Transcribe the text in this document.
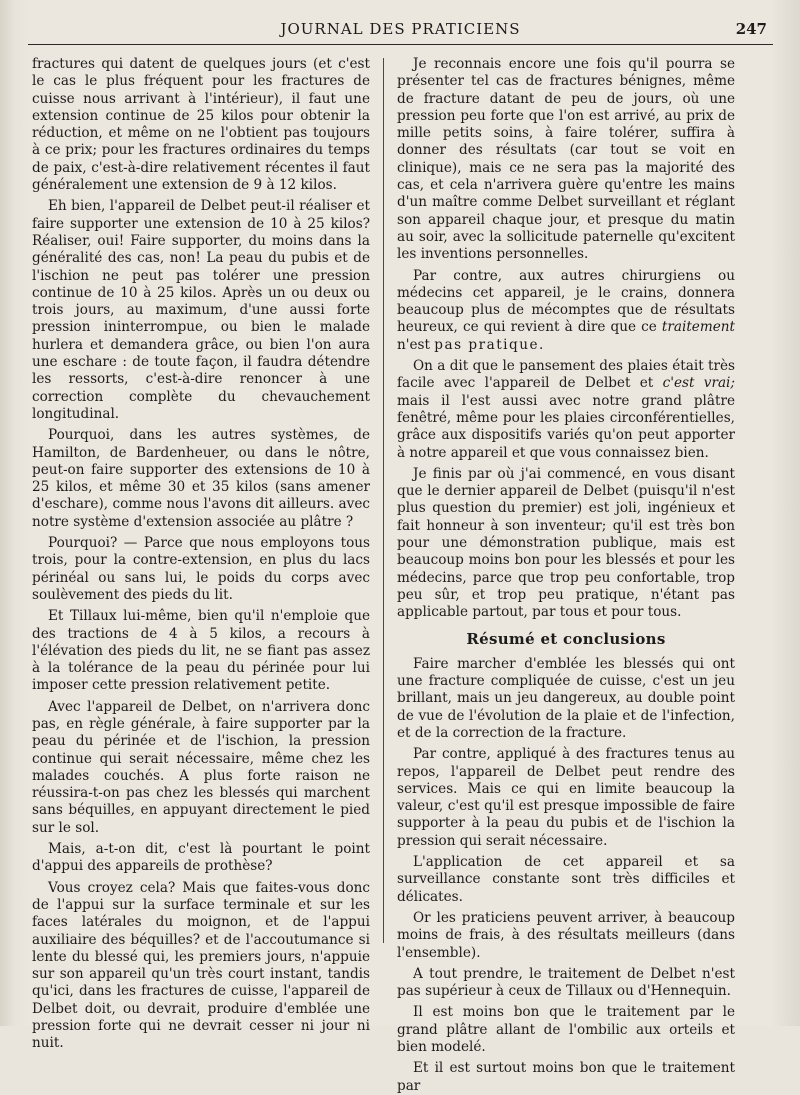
JOURNAL DES PRATICIENS	247

fractures qui datent de quelques jours (et c'est le cas le plus fréquent pour les fractures de cuisse nous arrivant à l'intérieur), il faut une extension continue de 25 kilos pour obtenir la réduction, et même on ne l'obtient pas toujours à ce prix; pour les fractures ordinaires du temps de paix, c'est-à-dire relativement récentes il faut généralement une extension de 9 à 12 kilos.

Eh bien, l'appareil de Delbet peut-il réaliser et faire supporter une extension de 10 à 25 kilos? Réaliser, oui! Faire supporter, du moins dans la généralité des cas, non! La peau du pubis et de l'ischion ne peut pas tolérer une pression continue de 10 à 25 kilos. Après un ou deux ou trois jours, au maximum, d'une aussi forte pression ininterrompue, ou bien le malade hurlera et demandera grâce, ou bien l'on aura une eschare : de toute façon, il faudra détendre les ressorts, c'est-à-dire renoncer à une correction complète du chevauchement longitudinal.

Pourquoi, dans les autres systèmes, de Hamilton, de Bardenheuer, ou dans le nôtre, peut-on faire supporter des extensions de 10 à 25 kilos, et même 30 et 35 kilos (sans amener d'eschare), comme nous l'avons dit ailleurs. avec notre système d'extension associée au plâtre ?

Pourquoi? — Parce que nous employons tous trois, pour la contre-extension, en plus du lacs périnéal ou sans lui, le poids du corps avec soulèvement des pieds du lit.

Et Tillaux lui-même, bien qu'il n'emploie que des tractions de 4 à 5 kilos, a recours à l'élévation des pieds du lit, ne se fiant pas assez à la tolérance de la peau du périnée pour lui imposer cette pression relativement petite.

Avec l'appareil de Delbet, on n'arrivera donc pas, en règle générale, à faire supporter par la peau du périnée et de l'ischion, la pression continue qui serait nécessaire, même chez les malades couchés. A plus forte raison ne réussira-t-on pas chez les blessés qui marchent sans béquilles, en appuyant directement le pied sur le sol.

Mais, a-t-on dit, c'est là pourtant le point d'appui des appareils de prothèse?

Vous croyez cela? Mais que faites-vous donc de l'appui sur la surface terminale et sur les faces latérales du moignon, et de l'appui auxiliaire des béquilles? et de l'accoutumance si lente du blessé qui, les premiers jours, n'appuie sur son appareil qu'un très court instant, tandis qu'ici, dans les fractures de cuisse, l'appareil de Delbet doit, ou devrait, produire d'emblée une pression forte qui ne devrait cesser ni jour ni nuit.

Je reconnais encore une fois qu'il pourra se présenter tel cas de fractures bénignes, même de fracture datant de peu de jours, où une pression peu forte que l'on est arrivé, au prix de mille petits soins, à faire tolérer, suffira à donner des résultats (car tout se voit en clinique), mais ce ne sera pas la majorité des cas, et cela n'arrivera guère qu'entre les mains d'un maître comme Delbet surveillant et réglant son appareil chaque jour, et presque du matin au soir, avec la sollicitude paternelle qu'excitent les inventions personnelles.

Par contre, aux autres chirurgiens ou médecins cet appareil, je le crains, donnera beaucoup plus de mécomptes que de résultats heureux, ce qui revient à dire que ce traitement n'est pas pratique.

On a dit que le pansement des plaies était très facile avec l'appareil de Delbet et c'est vrai; mais il l'est aussi avec notre grand plâtre fenêtré, même pour les plaies circonférentielles, grâce aux dispositifs variés qu'on peut apporter à notre appareil et que vous connaissez bien.

Je finis par où j'ai commencé, en vous disant que le dernier appareil de Delbet (puisqu'il n'est plus question du premier) est joli, ingénieux et fait honneur à son inventeur; qu'il est très bon pour une démonstration publique, mais est beaucoup moins bon pour les blessés et pour les médecins, parce que trop peu confortable, trop peu sûr, et trop peu pratique, n'étant pas applicable partout, par tous et pour tous.

Résumé et conclusions

Faire marcher d'emblée les blessés qui ont une fracture compliquée de cuisse, c'est un jeu brillant, mais un jeu dangereux, au double point de vue de l'évolution de la plaie et de l'infection, et de la correction de la fracture.

Par contre, appliqué à des fractures tenus au repos, l'appareil de Delbet peut rendre des services. Mais ce qui en limite beaucoup la valeur, c'est qu'il est presque impossible de faire supporter à la peau du pubis et de l'ischion la pression qui serait nécessaire.

L'application de cet appareil et sa surveillance constante sont très difficiles et délicates.

Or les praticiens peuvent arriver, à beaucoup moins de frais, à des résultats meilleurs (dans l'ensemble).

A tout prendre, le traitement de Delbet n'est pas supérieur à ceux de Tillaux ou d'Hennequin.

Il est moins bon que le traitement par le grand plâtre allant de l'ombilic aux orteils et bien modelé.

Et il est surtout moins bon que le traitement par
